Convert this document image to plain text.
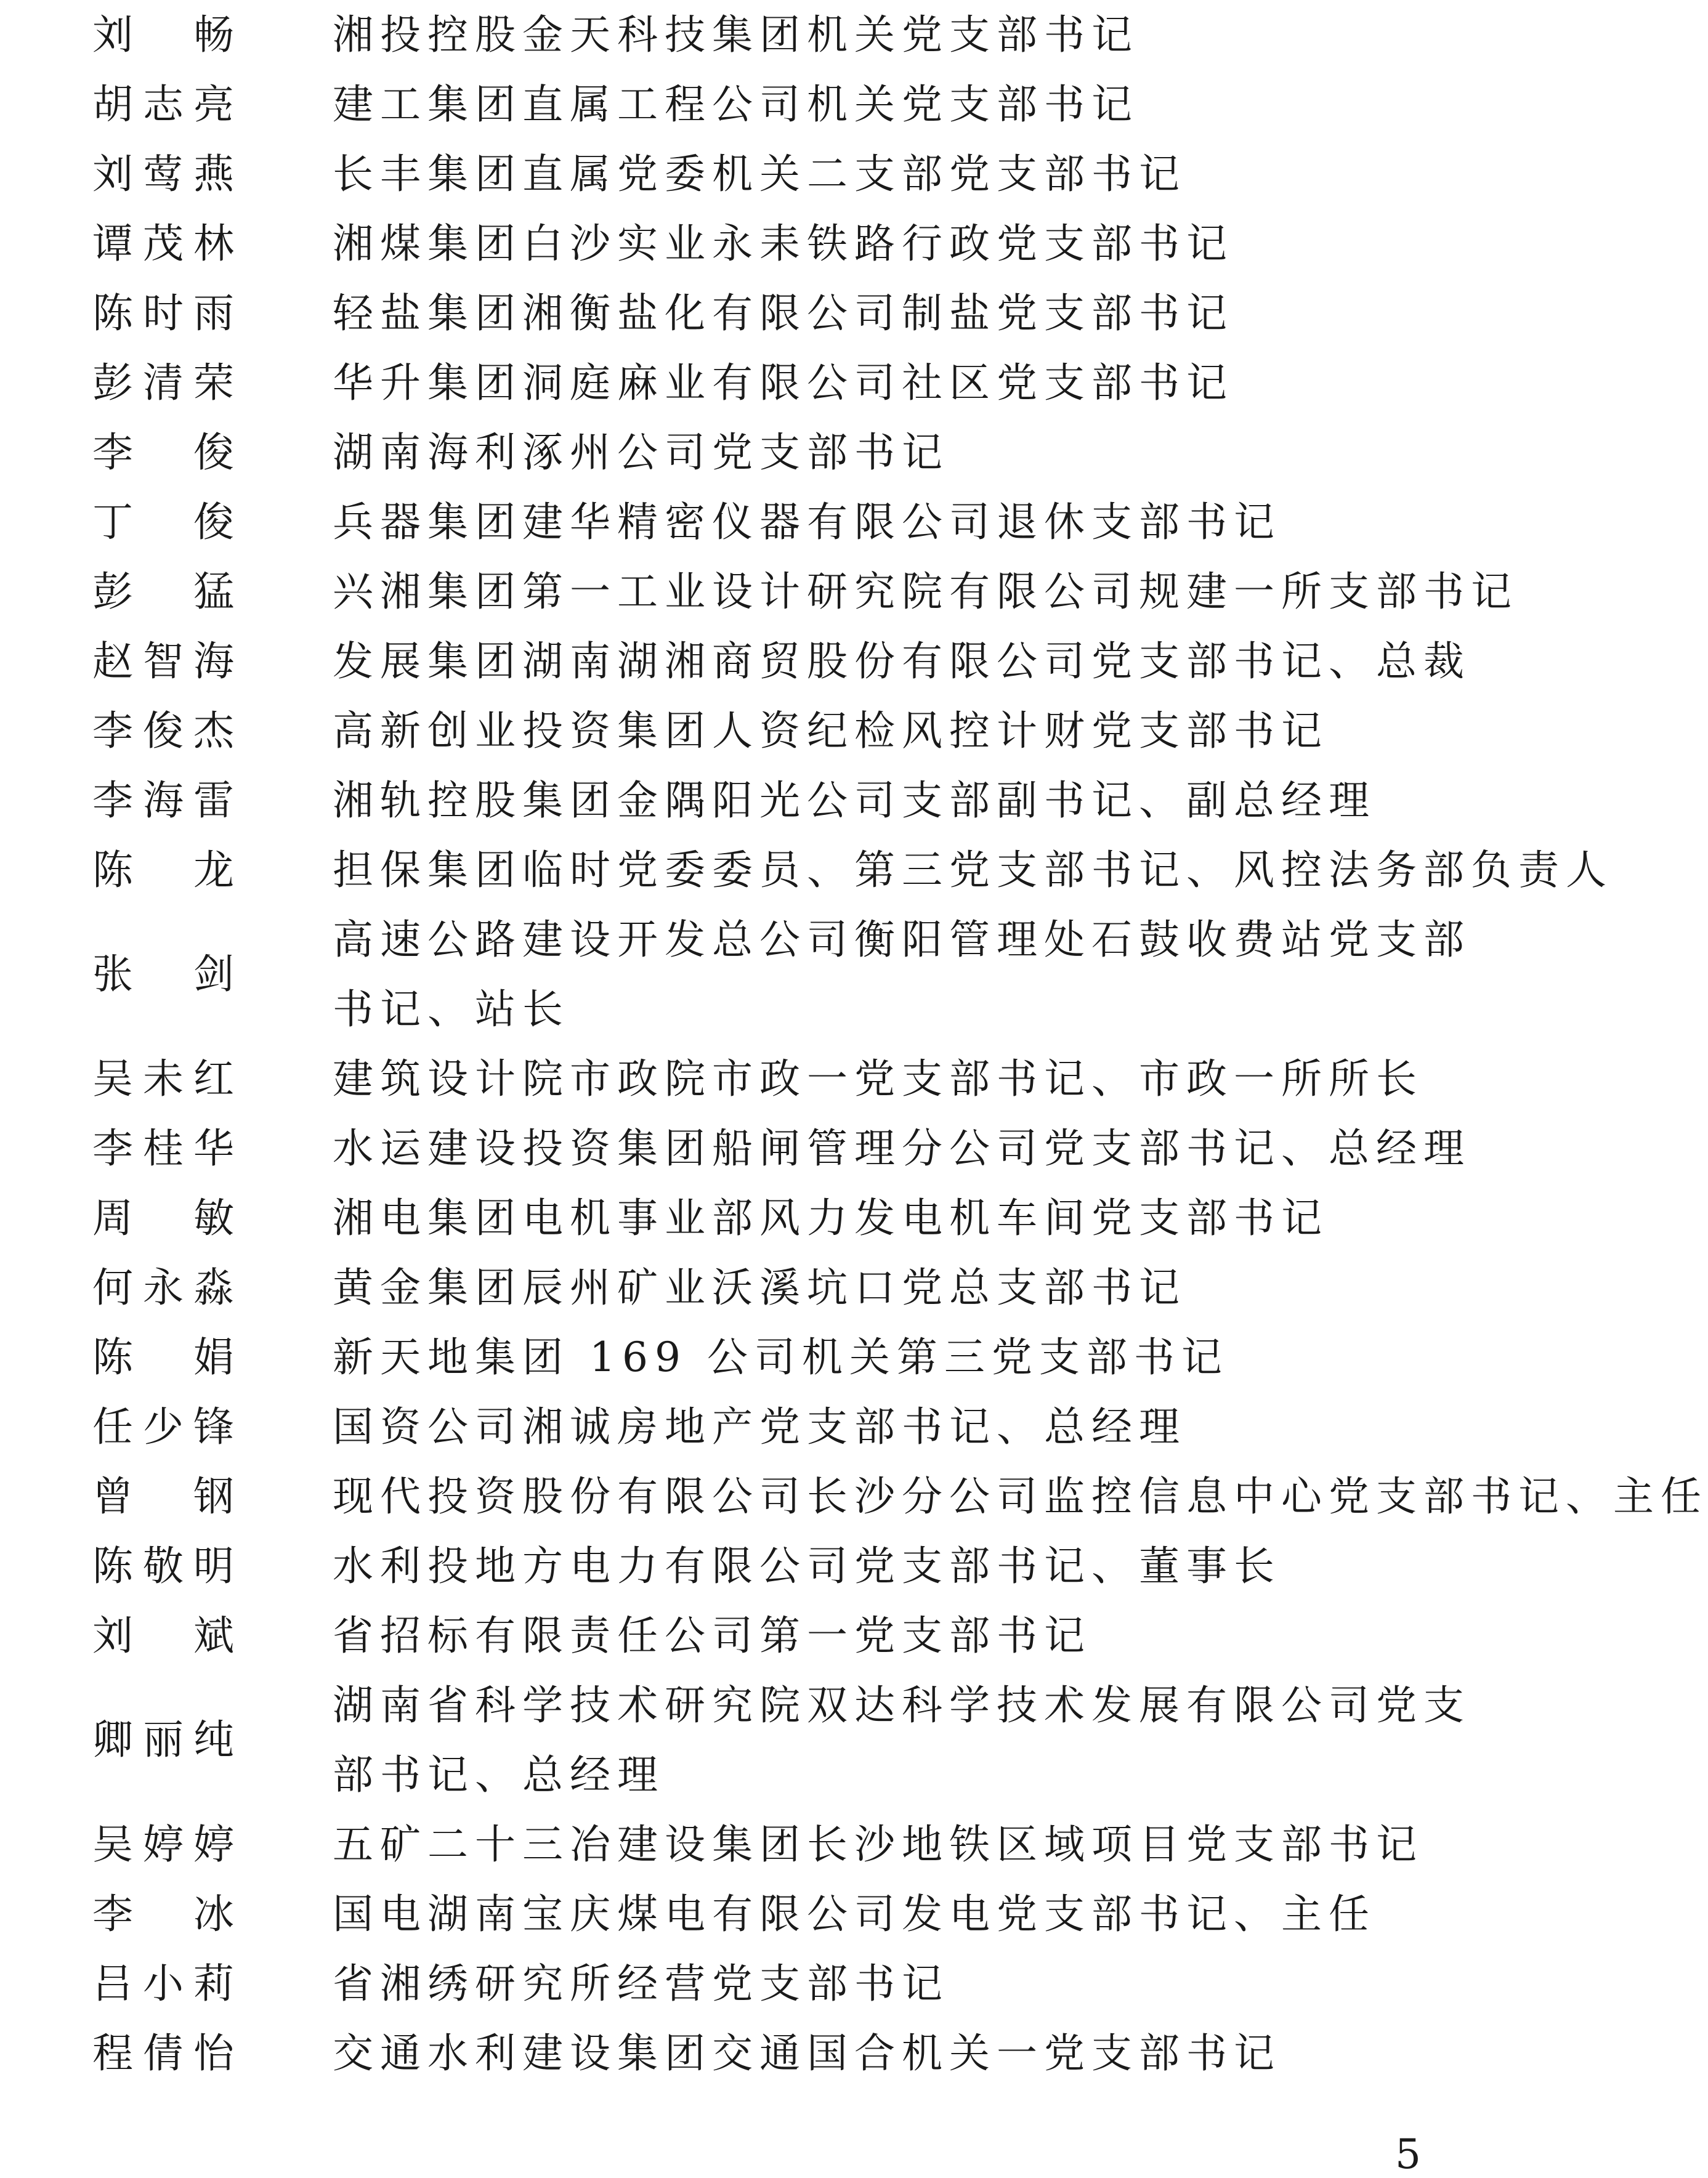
刘　畅 湘投控股金天科技集团机关党支部书记
胡志亮 建工集团直属工程公司机关党支部书记
刘莺燕 长丰集团直属党委机关二支部党支部书记
谭茂林 湘煤集团白沙实业永耒铁路行政党支部书记
陈时雨 轻盐集团湘衡盐化有限公司制盐党支部书记
彭清荣 华升集团洞庭麻业有限公司社区党支部书记
李　俊 湖南海利涿州公司党支部书记
丁　俊 兵器集团建华精密仪器有限公司退休支部书记
彭　猛 兴湘集团第一工业设计研究院有限公司规建一所支部书记
赵智海 发展集团湖南湖湘商贸股份有限公司党支部书记、总裁
李俊杰 高新创业投资集团人资纪检风控计财党支部书记
李海雷 湘轨控股集团金隅阳光公司支部副书记、副总经理
陈　龙 担保集团临时党委委员、第三党支部书记、风控法务部负责人
张　剑
高速公路建设开发总公司衡阳管理处石鼓收费站党支部书记、站长
吴未红 建筑设计院市政院市政一党支部书记、市政一所所长
李桂华 水运建设投资集团船闸管理分公司党支部书记、总经理
周　敏 湘电集团电机事业部风力发电机车间党支部书记
何永淼 黄金集团辰州矿业沃溪坑口党总支部书记
陈　娟 新天地集团 169 公司机关第三党支部书记
任少锋 国资公司湘诚房地产党支部书记、总经理
曾　钢 现代投资股份有限公司长沙分公司监控信息中心党支部书记、主任
陈敬明 水利投地方电力有限公司党支部书记、董事长
刘　斌 省招标有限责任公司第一党支部书记
卿丽纯
湖南省科学技术研究院双达科学技术发展有限公司党支部书记、总经理
吴婷婷 五矿二十三冶建设集团长沙地铁区域项目党支部书记
李　冰 国电湖南宝庆煤电有限公司发电党支部书记、主任
吕小莉 省湘绣研究所经营党支部书记
程倩怡 交通水利建设集团交通国合机关一党支部书记
5
